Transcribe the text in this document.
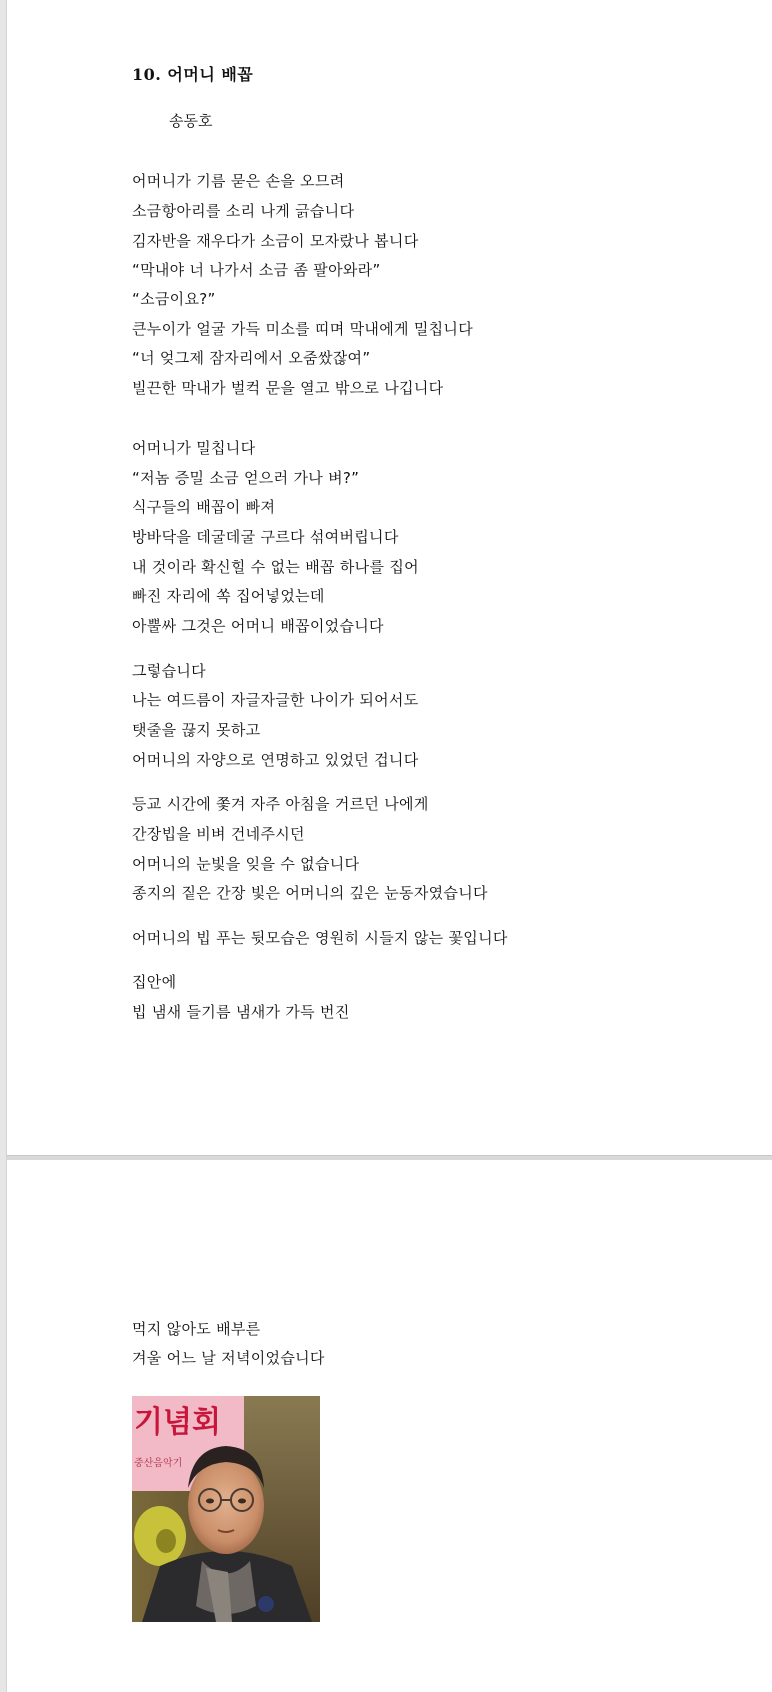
10. 어머니 배꼽
송동호
어머니가 기름 묻은 손을 오므려
소금항아리를 소리 나게 긁습니다
김자반을 재우다가 소금이 모자랐나 봅니다
“막내야 너 나가서 소금 좀 팔아와라”
“소금이요?”
큰누이가 얼굴 가득 미소를 띠며 막내에게 밀칩니다
“너 엊그제 잠자리에서 오줌쌌잖여”
빌끈한 막내가 벌컥 문을 열고 밖으로 나깁니다
어머니가 밀칩니다
“저놈 증밀 소금 얻으러 가나 벼?”
식구들의 배꼽이 빠져
방바닥을 데굴데굴 구르다 섞여버립니다
내 것이라 확신힐 수 없는 배꼽 하나를 집어
빠진 자리에 쏙 집어넣었는데
아뿔싸 그것은 어머니 배꼽이었습니다
그렇습니다
나는 여드름이 자글자글한 나이가 되어서도
탯줄을 끊지 못하고
어머니의 자양으로 연명하고 있었던 겁니다
등교 시간에 쫓겨 자주 아침을 거르던 나에게
간장빕을 비벼 건네주시던
어머니의 눈빛을 잊을 수 없습니다
종지의 짙은 간장 빛은 어머니의 깊은 눈동자였습니다
어머니의 빕 푸는 뒷모습은 영원히 시들지 않는 꽃입니다
집안에
빕 냄새 들기름 냄새가 가득 번진
먹지 않아도 배부른
겨울 어느 날 저녁이었습니다
기념회
중산음악기
